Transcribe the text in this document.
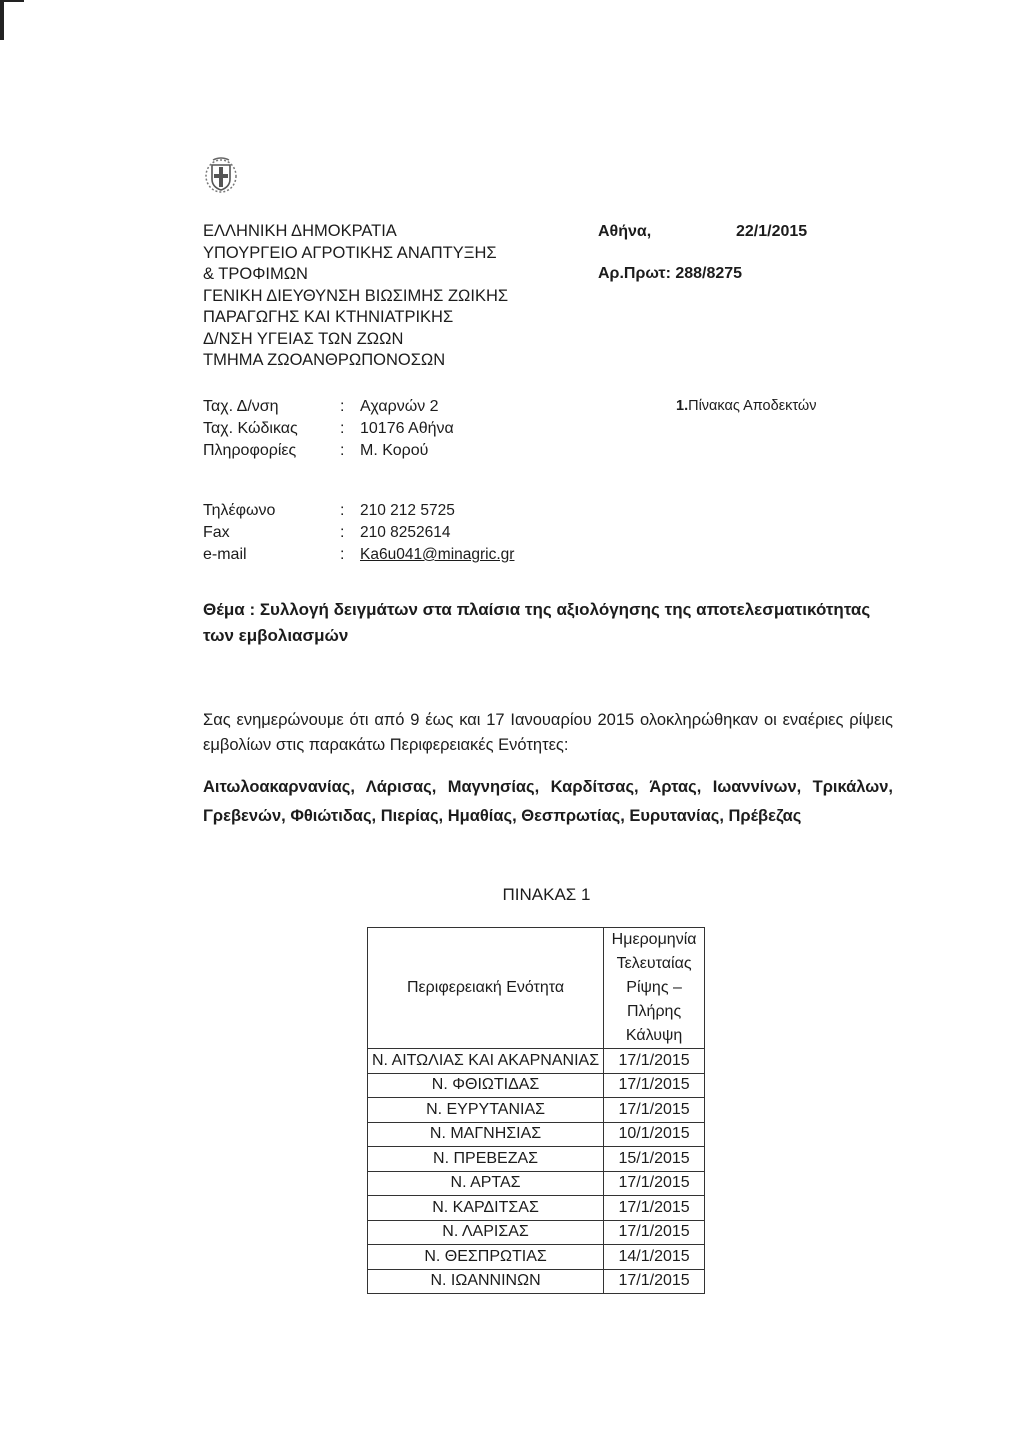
ΕΛΛΗΝΙΚΗ ΔΗΜΟΚΡΑΤΙΑ
ΥΠΟΥΡΓΕΙΟ ΑΓΡΟΤΙΚΗΣ ΑΝΑΠΤΥΞΗΣ
& ΤΡΟΦΙΜΩΝ
ΓΕΝΙΚΗ ΔΙΕΥΘΥΝΣΗ ΒΙΩΣΙΜΗΣ ΖΩΙΚΗΣ
ΠΑΡΑΓΩΓΗΣ ΚΑΙ ΚΤΗΝΙΑΤΡΙΚΗΣ
Δ/ΝΣΗ ΥΓΕΙΑΣ ΤΩΝ ΖΩΩΝ
ΤΜΗΜΑ ΖΩΟΑΝΘΡΩΠΟΝΟΣΩΝ
Αθήνα,	22/1/2015
Αρ.Πρωτ: 288/8275
Ταχ. Δ/νση	: Αχαρνών 2
Ταχ. Κώδικας	: 10176 Αθήνα
Πληροφορίες	: Μ. Κορού
1.Πίνακας Αποδεκτών
Τηλέφωνο	:	210 212 5725
Fax	:	210 8252614
e-mail	:	Ka6u041@minagric.gr
Θέμα : Συλλογή δειγμάτων στα πλαίσια της αξιολόγησης της αποτελεσματικότητας των εμβολιασμών
Σας ενημερώνουμε ότι από 9 έως και 17 Ιανουαρίου 2015 ολοκληρώθηκαν οι εναέριες ρίψεις εμβολίων στις παρακάτω Περιφερειακές Ενότητες:
Αιτωλοακαρνανίας, Λάρισας, Μαγνησίας, Καρδίτσας, Άρτας, Ιωαννίνων, Τρικάλων, Γρεβενών, Φθιώτιδας, Πιερίας, Ημαθίας, Θεσπρωτίας, Ευρυτανίας, Πρέβεζας
ΠΙΝΑΚΑΣ 1
Περιφερειακή Ενότητα	Ημερομηνία
Τελευταίας
Ρίψης –
Πλήρης
Κάλυψη

Ν. ΑΙΤΩΛΙΑΣ ΚΑΙ ΑΚΑΡΝΑΝΙΑΣ	17/1/2015
Ν. ΦΘΙΩΤΙΔΑΣ	17/1/2015
Ν. ΕΥΡΥΤΑΝΙΑΣ	17/1/2015
Ν. ΜΑΓΝΗΣΙΑΣ	10/1/2015
Ν. ΠΡΕΒΕΖΑΣ	15/1/2015
Ν. ΑΡΤΑΣ	17/1/2015
Ν. ΚΑΡΔΙΤΣΑΣ	17/1/2015
Ν. ΛΑΡΙΣΑΣ	17/1/2015
Ν. ΘΕΣΠΡΩΤΙΑΣ	14/1/2015
Ν. ΙΩΑΝΝΙΝΩΝ	17/1/2015
